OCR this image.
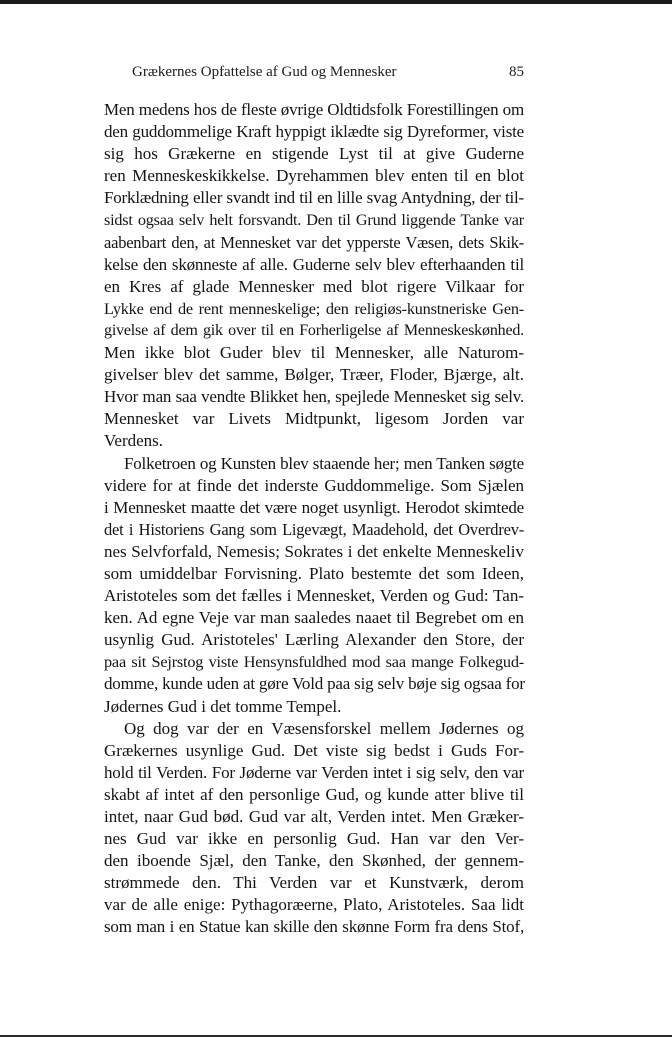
Grækernes Opfattelse af Gud og Mennesker	85
Men medens hos de fleste øvrige Oldtidsfolk Forestillingen om
den guddommelige Kraft hyppigt iklædte sig Dyreformer, viste
sig hos Grækerne en stigende Lyst til at give Guderne
ren Menneskeskikkelse. Dyrehammen blev enten til en blot
Forklædning eller svandt ind til en lille svag Antydning, der til-
sidst ogsaa selv helt forsvandt. Den til Grund liggende Tanke var
aabenbart den, at Mennesket var det ypperste Væsen, dets Skik-
kelse den skønneste af alle. Guderne selv blev efterhaanden til
en Kres af glade Mennesker med blot rigere Vilkaar for
Lykke end de rent menneskelige; den religiøs-kunstneriske Gen-
givelse af dem gik over til en Forherligelse af Menneskeskønhed.
Men ikke blot Guder blev til Mennesker, alle Naturom-
givelser blev det samme, Bølger, Træer, Floder, Bjærge, alt.
Hvor man saa vendte Blikket hen, spejlede Mennesket sig selv.
Mennesket var Livets Midtpunkt, ligesom Jorden var
Verdens.
Folketroen og Kunsten blev staaende her; men Tanken søgte
videre for at finde det inderste Guddommelige. Som Sjælen
i Mennesket maatte det være noget usynligt. Herodot skimtede
det i Historiens Gang som Ligevægt, Maadehold, det Overdrev-
nes Selvforfald, Nemesis; Sokrates i det enkelte Menneskeliv
som umiddelbar Forvisning. Plato bestemte det som Ideen,
Aristoteles som det fælles i Mennesket, Verden og Gud: Tan-
ken. Ad egne Veje var man saaledes naaet til Begrebet om en
usynlig Gud. Aristoteles' Lærling Alexander den Store, der
paa sit Sejrstog viste Hensynsfuldhed mod saa mange Folkegud-
domme, kunde uden at gøre Vold paa sig selv bøje sig ogsaa for
Jødernes Gud i det tomme Tempel.
Og dog var der en Væsensforskel mellem Jødernes og
Grækernes usynlige Gud. Det viste sig bedst i Guds For-
hold til Verden. For Jøderne var Verden intet i sig selv, den var
skabt af intet af den personlige Gud, og kunde atter blive til
intet, naar Gud bød. Gud var alt, Verden intet. Men Græker-
nes Gud var ikke en personlig Gud. Han var den Ver-
den iboende Sjæl, den Tanke, den Skønhed, der gennem-
strømmede den. Thi Verden var et Kunstværk, derom
var de alle enige: Pythagoræerne, Plato, Aristoteles. Saa lidt
som man i en Statue kan skille den skønne Form fra dens Stof,
